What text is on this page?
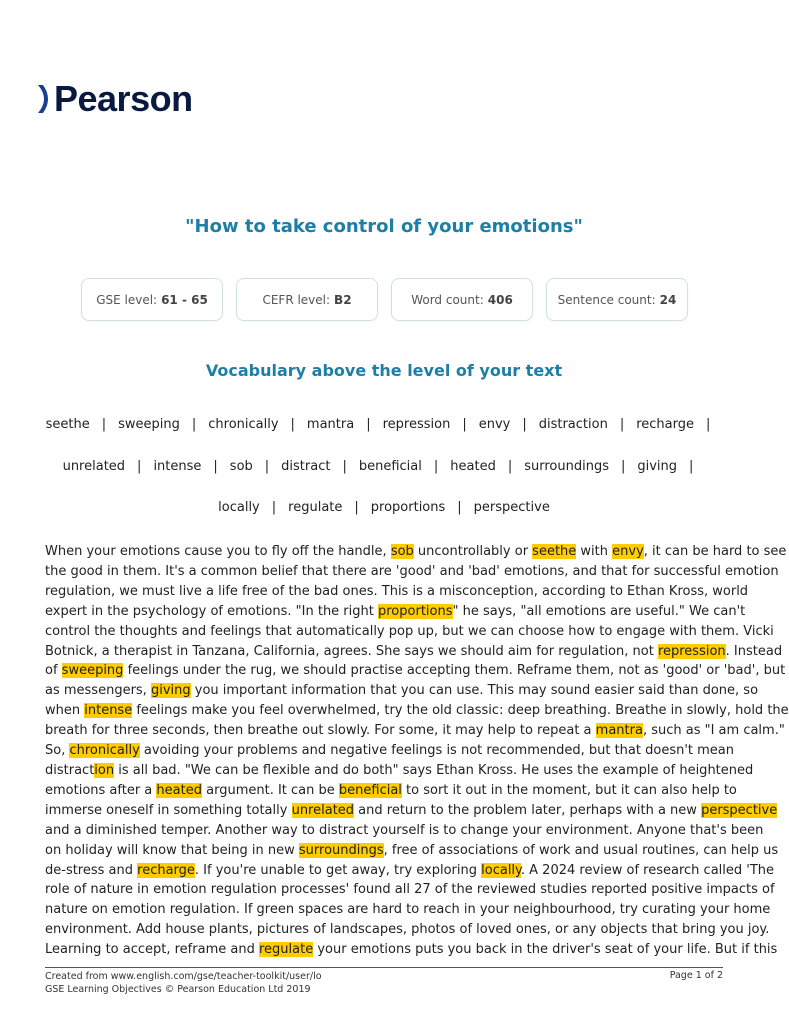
Pearson
"How to take control of your emotions"
GSE level: 61 - 65	CEFR level: B2	Word count: 406	Sentence count: 24
Vocabulary above the level of your text
seethe | sweeping | chronically | mantra | repression | envy | distraction | recharge |
unrelated | intense | sob | distract | beneficial | heated | surroundings | giving |
locally | regulate | proportions | perspective
When your emotions cause you to fly off the handle, sob uncontrollably or seethe with envy, it can be hard to see
the good in them. It's a common belief that there are 'good' and 'bad' emotions, and that for successful emotion
regulation, we must live a life free of the bad ones. This is a misconception, according to Ethan Kross, world
expert in the psychology of emotions. "In the right proportions" he says, "all emotions are useful." We can't
control the thoughts and feelings that automatically pop up, but we can choose how to engage with them. Vicki
Botnick, a therapist in Tanzana, California, agrees. She says we should aim for regulation, not repression. Instead
of sweeping feelings under the rug, we should practise accepting them. Reframe them, not as 'good' or 'bad', but
as messengers, giving you important information that you can use. This may sound easier said than done, so
when intense feelings make you feel overwhelmed, try the old classic: deep breathing. Breathe in slowly, hold the
breath for three seconds, then breathe out slowly. For some, it may help to repeat a mantra, such as "I am calm."
So, chronically avoiding your problems and negative feelings is not recommended, but that doesn't mean
distraction is all bad. "We can be flexible and do both" says Ethan Kross. He uses the example of heightened
emotions after a heated argument. It can be beneficial to sort it out in the moment, but it can also help to
immerse oneself in something totally unrelated and return to the problem later, perhaps with a new perspective
and a diminished temper. Another way to distract yourself is to change your environment. Anyone that's been
on holiday will know that being in new surroundings, free of associations of work and usual routines, can help us
de-stress and recharge. If you're unable to get away, try exploring locally. A 2024 review of research called 'The
role of nature in emotion regulation processes' found all 27 of the reviewed studies reported positive impacts of
nature on emotion regulation. If green spaces are hard to reach in your neighbourhood, try curating your home
environment. Add house plants, pictures of landscapes, photos of loved ones, or any objects that bring you joy.
Learning to accept, reframe and regulate your emotions puts you back in the driver's seat of your life. But if this
Created from www.english.com/gse/teacher-toolkit/user/lo
GSE Learning Objectives © Pearson Education Ltd 2019
Page 1 of 2
